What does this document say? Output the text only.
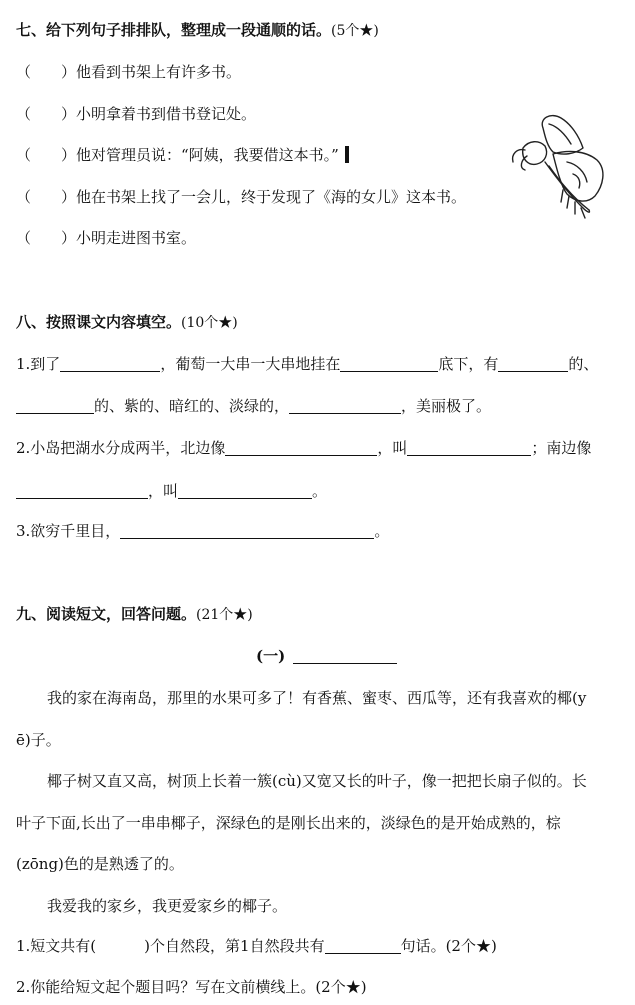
七、给下列句子排排队，整理成一段通顺的话。(5个★)
（　　）他看到书架上有许多书。
（　　）小明拿着书到借书登记处。
（　　）他对管理员说：“阿姨，我要借这本书。”
（　　）他在书架上找了一会儿，终于发现了《海的女儿》这本书。
（　　）小明走进图书室。
八、按照课文内容填空。(10个★)
1.到了	，葡萄一大串一大串地挂在	底下，有	的、
的、紫的、暗红的、淡绿的，	，美丽极了。
2.小岛把湖水分成两半，北边像	，叫	；南边像
，叫	。
3.欲穷千里目，	。
九、阅读短文，回答问题。(21个★)
(一)
我的家在海南岛，那里的水果可多了！有香蕉、蜜枣、西瓜等，还有我喜欢的椰(y
ē)子。
椰子树又直又高，树顶上长着一簇(cù)又宽又长的叶子，像一把把长扇子似的。长
叶子下面,长出了一串串椰子，深绿色的是刚长出来的，淡绿色的是开始成熟的，棕
(zōng)色的是熟透了的。
我爱我的家乡，我更爱家乡的椰子。
1.短文共有(	)个自然段，第1自然段共有	句话。(2个★)
2.你能给短文起个题目吗？写在文前横线上。(2个★)
